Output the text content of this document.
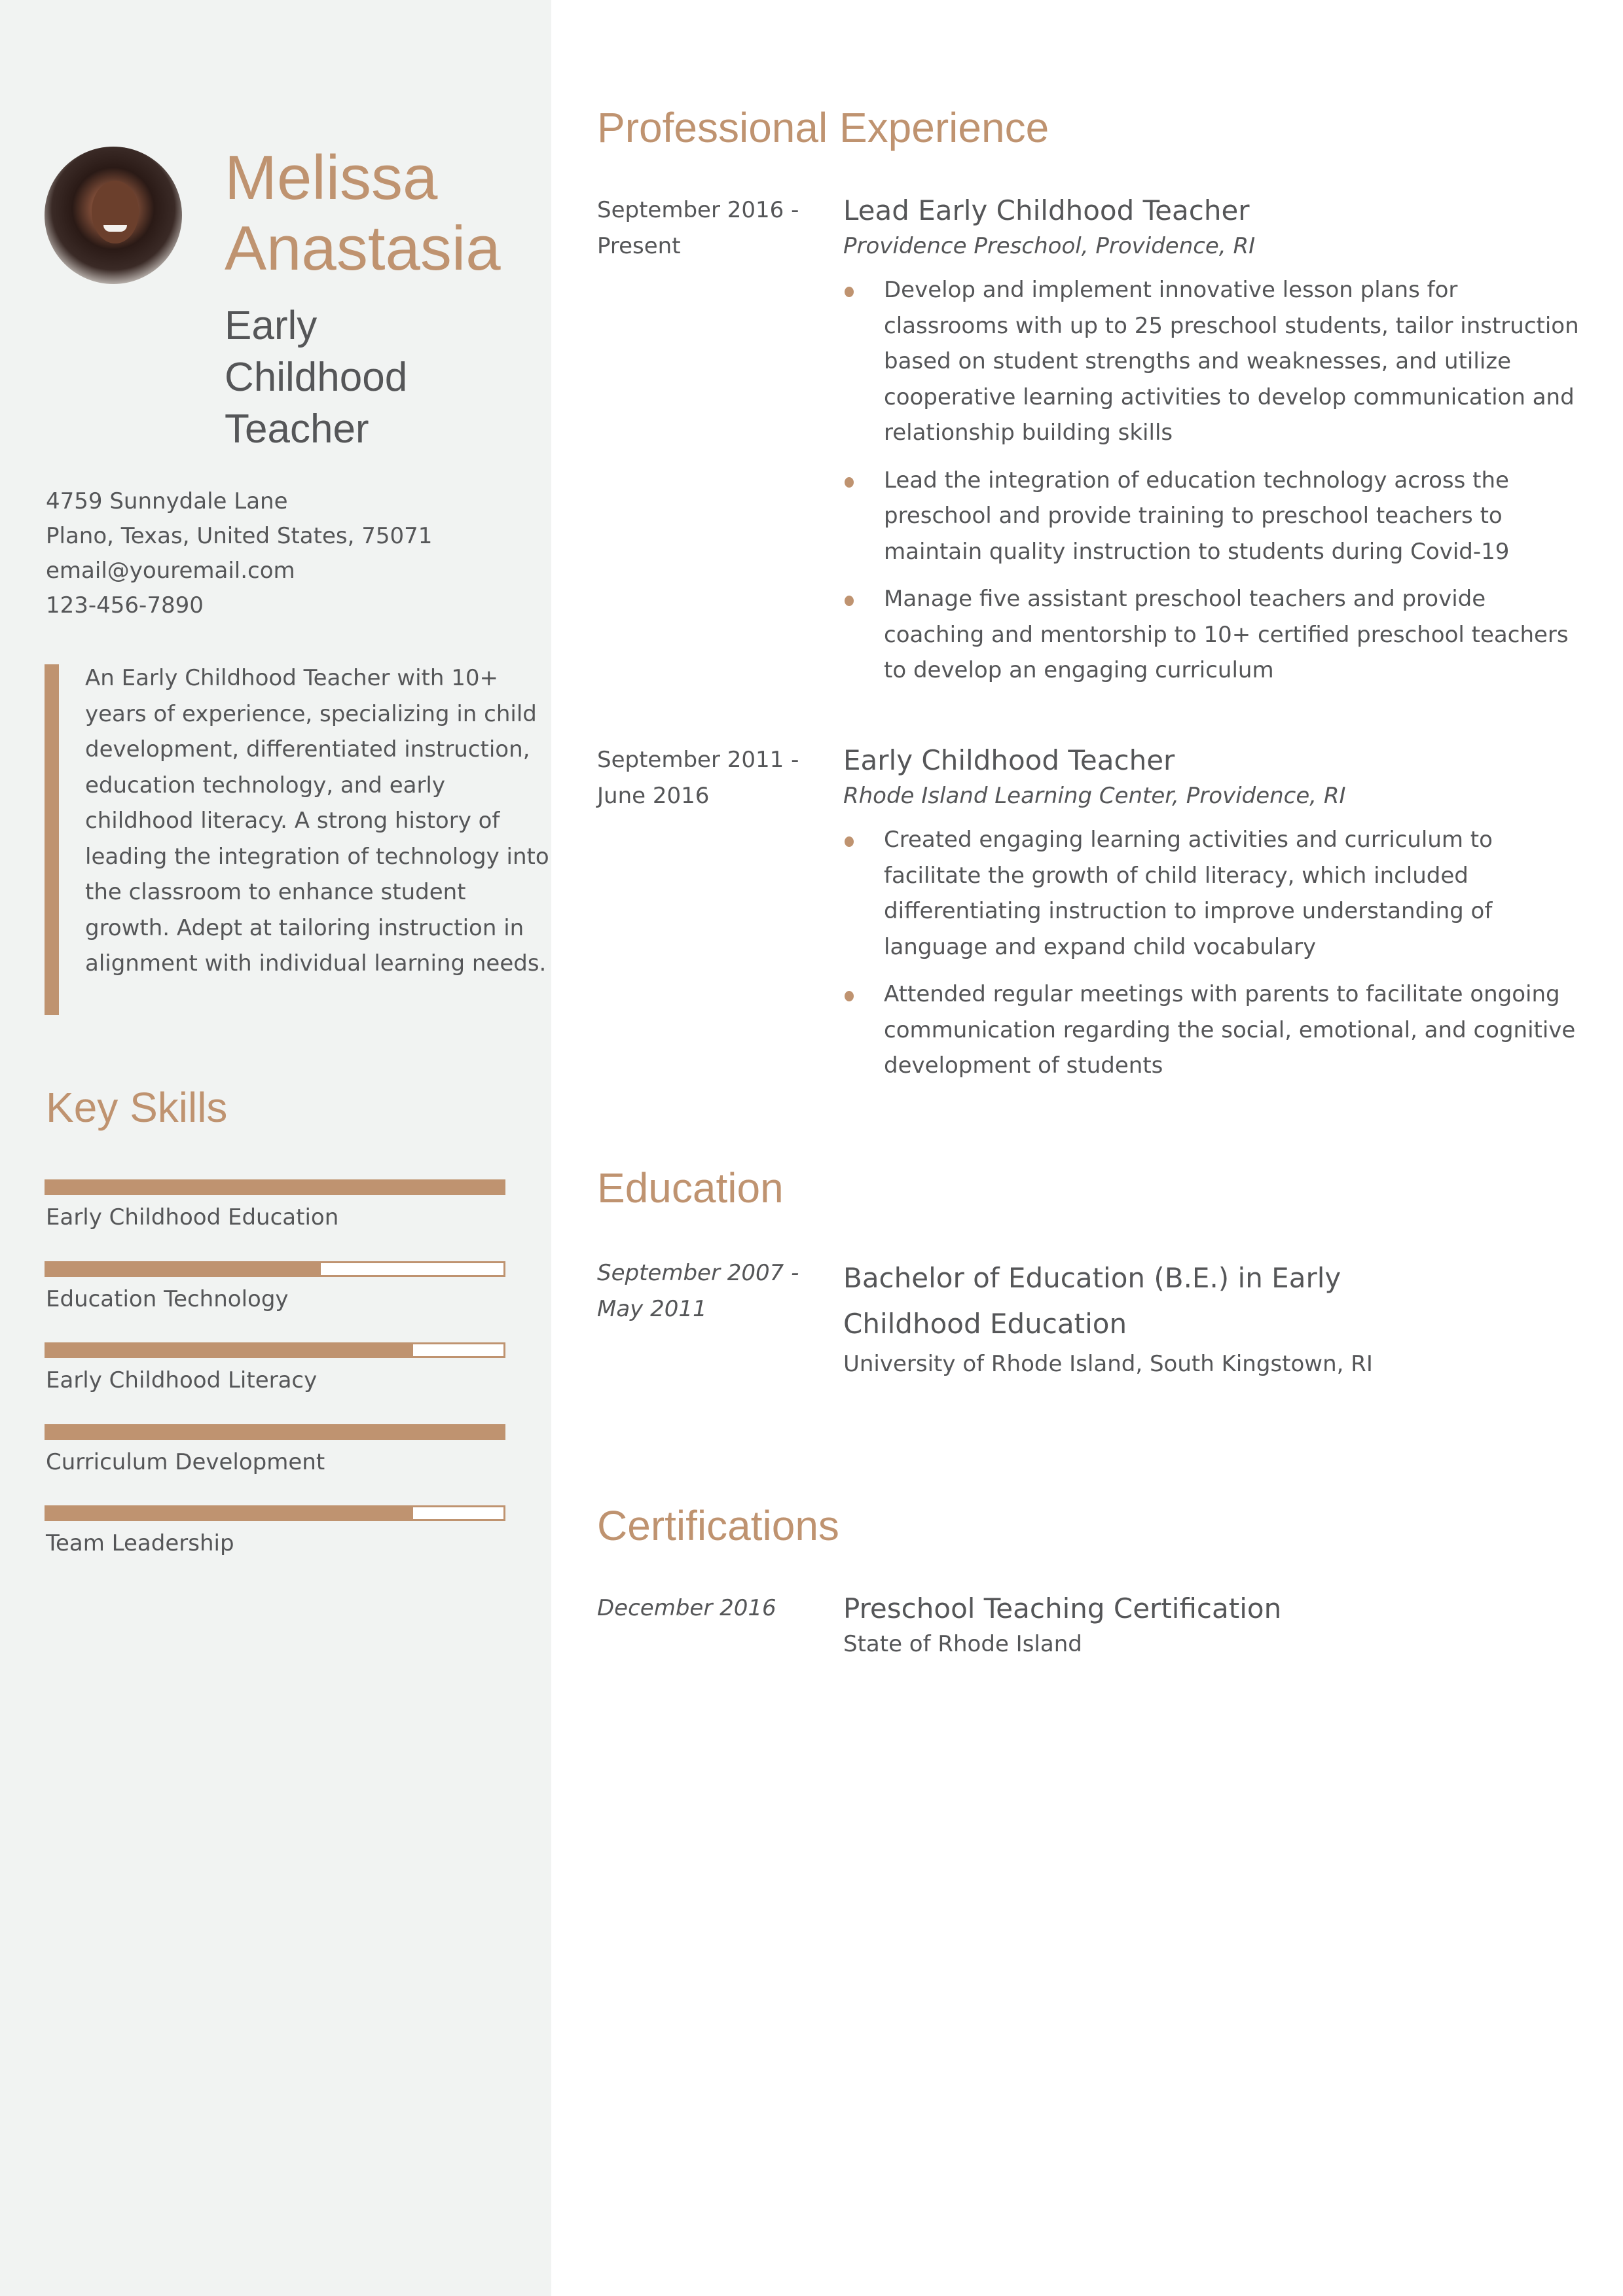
Melissa
Anastasia
Early
Childhood
Teacher
4759 Sunnydale Lane
Plano, Texas, United States, 75071
email@youremail.com
123-456-7890
An Early Childhood Teacher with 10+ years of experience, specializing in child development, differentiated instruction, education technology, and early childhood literacy. A strong history of leading the integration of technology into the classroom to enhance student growth. Adept at tailoring instruction in alignment with individual learning needs.
Key Skills
Early Childhood Education
Education Technology
Early Childhood Literacy
Curriculum Development
Team Leadership
Professional Experience
September 2016 -
Present
Lead Early Childhood Teacher
Providence Preschool, Providence, RI
Develop and implement innovative lesson plans for classrooms with up to 25 preschool students, tailor instruction based on student strengths and weaknesses, and utilize cooperative learning activities to develop communication and relationship building skills
Lead the integration of education technology across the preschool and provide training to preschool teachers to maintain quality instruction to students during Covid-19
Manage five assistant preschool teachers and provide coaching and mentorship to 10+ certified preschool teachers to develop an engaging curriculum
September 2011 -
June 2016
Early Childhood Teacher
Rhode Island Learning Center, Providence, RI
Created engaging learning activities and curriculum to facilitate the growth of child literacy, which included differentiating instruction to improve understanding of language and expand child vocabulary
Attended regular meetings with parents to facilitate ongoing communication regarding the social, emotional, and cognitive development of students
Education
September 2007 -
May 2011
Bachelor of Education (B.E.) in Early Childhood Education
University of Rhode Island, South Kingstown, RI
Certifications
December 2016	Preschool Teaching Certification
State of Rhode Island
